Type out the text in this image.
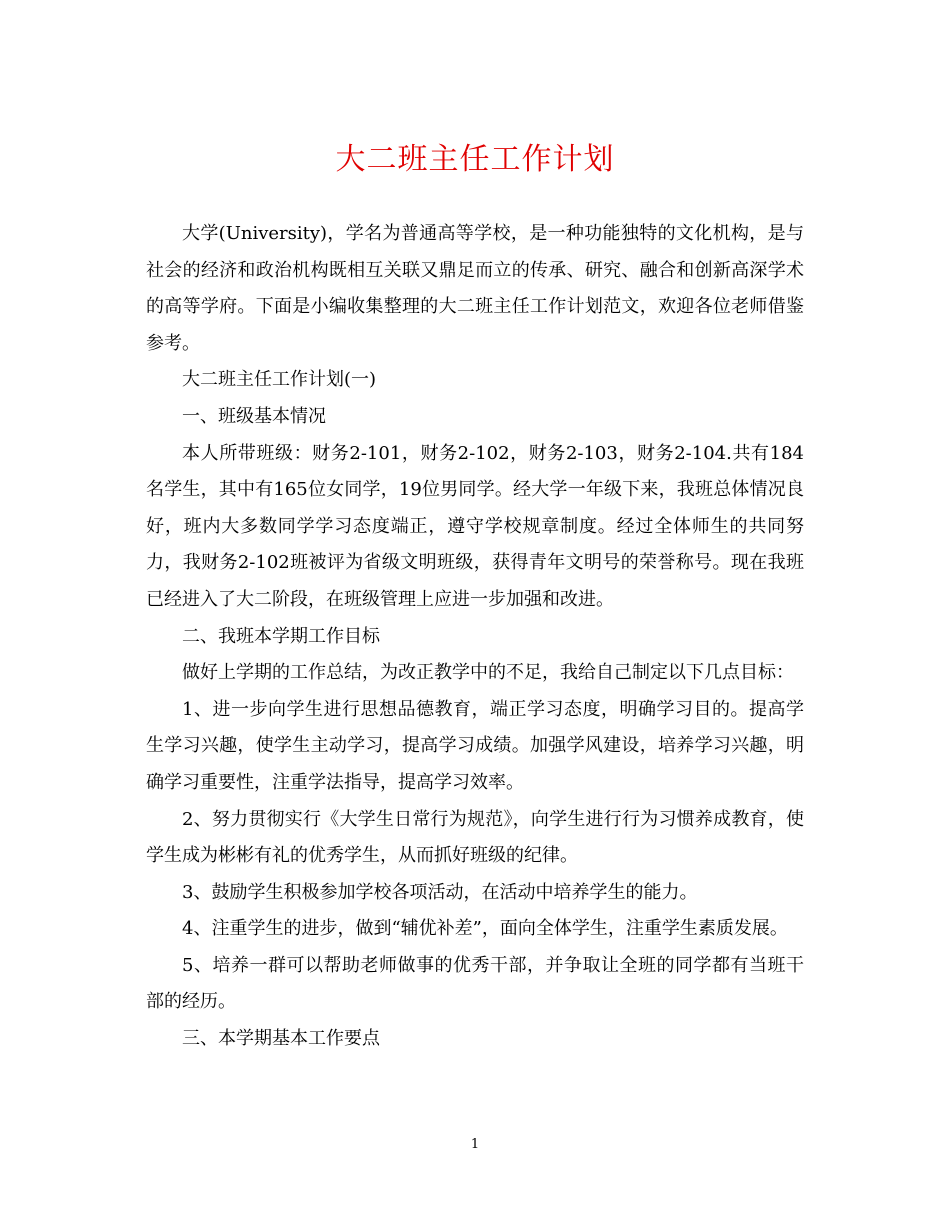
大二班主任工作计划

大学(University)，学名为普通高等学校，是一种功能独特的文化机构，是与社会的经济和政治机构既相互关联又鼎足而立的传承、研究、融合和创新高深学术的高等学府。下面是小编收集整理的大二班主任工作计划范文，欢迎各位老师借鉴参考。

大二班主任工作计划(一)

一、班级基本情况

本人所带班级：财务2-101，财务2-102，财务2-103，财务2-104.共有184名学生，其中有165位女同学，19位男同学。经大学一年级下来，我班总体情况良好，班内大多数同学学习态度端正，遵守学校规章制度。经过全体师生的共同努力，我财务2-102班被评为省级文明班级，获得青年文明号的荣誉称号。现在我班已经进入了大二阶段，在班级管理上应进一步加强和改进。

二、我班本学期工作目标

做好上学期的工作总结，为改正教学中的不足，我给自己制定以下几点目标：

1、进一步向学生进行思想品德教育，端正学习态度，明确学习目的。提高学生学习兴趣，使学生主动学习，提高学习成绩。加强学风建设，培养学习兴趣，明确学习重要性，注重学法指导，提高学习效率。

2、努力贯彻实行《大学生日常行为规范》，向学生进行行为习惯养成教育，使学生成为彬彬有礼的优秀学生，从而抓好班级的纪律。

3、鼓励学生积极参加学校各项活动，在活动中培养学生的能力。

4、注重学生的进步，做到“辅优补差”，面向全体学生，注重学生素质发展。

5、培养一群可以帮助老师做事的优秀干部，并争取让全班的同学都有当班干部的经历。

三、本学期基本工作要点

1
